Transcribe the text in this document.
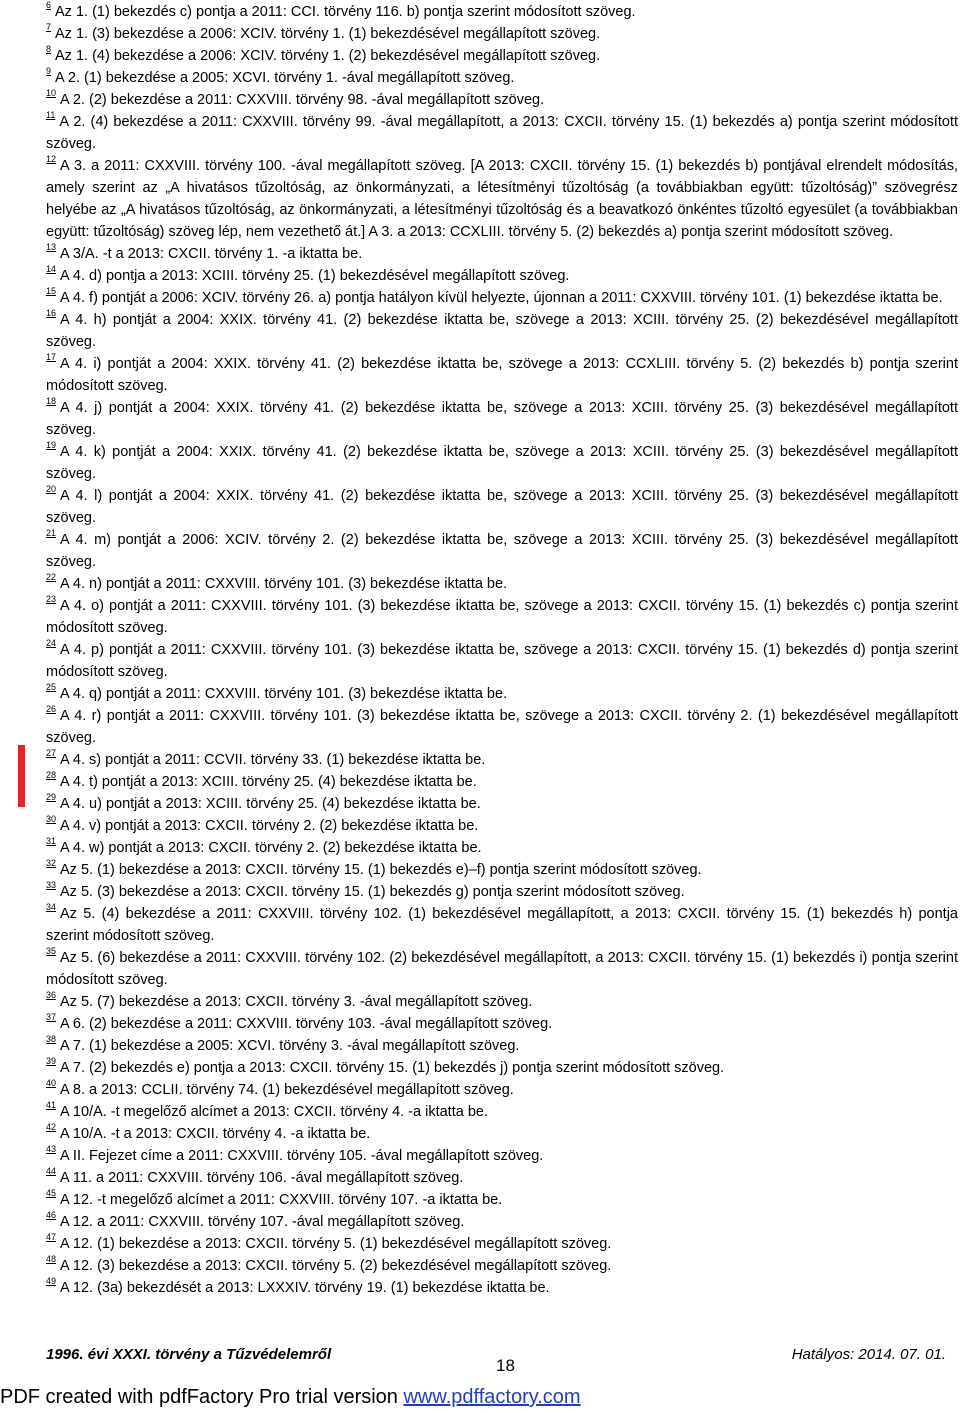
$^6$ Az 1. (1) bekezdés c) pontja a 2011: CCI. törvény 116. b) pontja szerint módosított szöveg.
$^7$ Az 1. (3) bekezdése a 2006: XCIV. törvény 1. (1) bekezdésével megállapított szöveg.
$^8$ Az 1. (4) bekezdése a 2006: XCIV. törvény 1. (2) bekezdésével megállapított szöveg.
$^9$ A 2. (1) bekezdése a 2005: XCVI. törvény 1. -ával megállapított szöveg.
$^{10}$ A 2. (2) bekezdése a 2011: CXXVIII. törvény 98. -ával megállapított szöveg.
$^{11}$ A 2. (4) bekezdése a 2011: CXXVIII. törvény 99. -ával megállapított, a 2013: CXCII. törvény 15. (1) bekezdés a) pontja szerint módosított szöveg.
$^{12}$ A 3. a 2011: CXXVIII. törvény 100. -ával megállapított szöveg. [A 2013: CXCII. törvény 15. (1) bekezdés b) pontjával elrendelt módosítás, amely szerint az „A hivatásos tűzoltóság, az önkormányzati, a létesítményi tűzoltóság (a továbbiakban együtt: tűzoltóság)” szövegrész helyébe az „A hivatásos tűzoltóság, az önkormányzati, a létesítményi tűzoltóság és a beavatkozó önkéntes tűzoltó egyesület (a továbbiakban együtt: tűzoltóság) szöveg lép, nem vezethető át.] A 3. a 2013: CCXLIII. törvény 5. (2) bekezdés a) pontja szerint módosított szöveg.
$^{13}$ A 3/A. -t a 2013: CXCII. törvény 1. -a iktatta be.
$^{14}$ A 4. d) pontja a 2013: XCIII. törvény 25. (1) bekezdésével megállapított szöveg.
$^{15}$ A 4. f) pontját a 2006: XCIV. törvény 26. a) pontja hatályon kívül helyezte, újonnan a 2011: CXXVIII. törvény 101. (1) bekezdése iktatta be.
$^{16}$ A 4. h) pontját a 2004: XXIX. törvény 41. (2) bekezdése iktatta be, szövege a 2013: XCIII. törvény 25. (2) bekezdésével megállapított szöveg.
$^{17}$ A 4. i) pontját a 2004: XXIX. törvény 41. (2) bekezdése iktatta be, szövege a 2013: CCXLIII. törvény 5. (2) bekezdés b) pontja szerint módosított szöveg.
$^{18}$ A 4. j) pontját a 2004: XXIX. törvény 41. (2) bekezdése iktatta be, szövege a 2013: XCIII. törvény 25. (3) bekezdésével megállapított szöveg.
$^{19}$ A 4. k) pontját a 2004: XXIX. törvény 41. (2) bekezdése iktatta be, szövege a 2013: XCIII. törvény 25. (3) bekezdésével megállapított szöveg.
$^{20}$ A 4. l) pontját a 2004: XXIX. törvény 41. (2) bekezdése iktatta be, szövege a 2013: XCIII. törvény 25. (3) bekezdésével megállapított szöveg.
$^{21}$ A 4. m) pontját a 2006: XCIV. törvény 2. (2) bekezdése iktatta be, szövege a 2013: XCIII. törvény 25. (3) bekezdésével megállapított szöveg.
$^{22}$ A 4. n) pontját a 2011: CXXVIII. törvény 101. (3) bekezdése iktatta be.
$^{23}$ A 4. o) pontját a 2011: CXXVIII. törvény 101. (3) bekezdése iktatta be, szövege a 2013: CXCII. törvény 15. (1) bekezdés c) pontja szerint módosított szöveg.
$^{24}$ A 4. p) pontját a 2011: CXXVIII. törvény 101. (3) bekezdése iktatta be, szövege a 2013: CXCII. törvény 15. (1) bekezdés d) pontja szerint módosított szöveg.
$^{25}$ A 4. q) pontját a 2011: CXXVIII. törvény 101. (3) bekezdése iktatta be.
$^{26}$ A 4. r) pontját a 2011: CXXVIII. törvény 101. (3) bekezdése iktatta be, szövege a 2013: CXCII. törvény 2. (1) bekezdésével megállapított szöveg.
$^{27}$ A 4. s) pontját a 2011: CCVII. törvény 33. (1) bekezdése iktatta be.
$^{28}$ A 4. t) pontját a 2013: XCIII. törvény 25. (4) bekezdése iktatta be.
$^{29}$ A 4. u) pontját a 2013: XCIII. törvény 25. (4) bekezdése iktatta be.
$^{30}$ A 4. v) pontját a 2013: CXCII. törvény 2. (2) bekezdése iktatta be.
$^{31}$ A 4. w) pontját a 2013: CXCII. törvény 2. (2) bekezdése iktatta be.
$^{32}$ Az 5. (1) bekezdése a 2013: CXCII. törvény 15. (1) bekezdés e)–f) pontja szerint módosított szöveg.
$^{33}$ Az 5. (3) bekezdése a 2013: CXCII. törvény 15. (1) bekezdés g) pontja szerint módosított szöveg.
$^{34}$ Az 5. (4) bekezdése a 2011: CXXVIII. törvény 102. (1) bekezdésével megállapított, a 2013: CXCII. törvény 15. (1) bekezdés h) pontja szerint módosított szöveg.
$^{35}$ Az 5. (6) bekezdése a 2011: CXXVIII. törvény 102. (2) bekezdésével megállapított, a 2013: CXCII. törvény 15. (1) bekezdés i) pontja szerint módosított szöveg.
$^{36}$ Az 5. (7) bekezdése a 2013: CXCII. törvény 3. -ával megállapított szöveg.
$^{37}$ A 6. (2) bekezdése a 2011: CXXVIII. törvény 103. -ával megállapított szöveg.
$^{38}$ A 7. (1) bekezdése a 2005: XCVI. törvény 3. -ával megállapított szöveg.
$^{39}$ A 7. (2) bekezdés e) pontja a 2013: CXCII. törvény 15. (1) bekezdés j) pontja szerint módosított szöveg.
$^{40}$ A 8. a 2013: CCLII. törvény 74. (1) bekezdésével megállapított szöveg.
$^{41}$ A 10/A. -t megelőző alcímet a 2013: CXCII. törvény 4. -a iktatta be.
$^{42}$ A 10/A. -t a 2013: CXCII. törvény 4. -a iktatta be.
$^{43}$ A II. Fejezet címe a 2011: CXXVIII. törvény 105. -ával megállapított szöveg.
$^{44}$ A 11. a 2011: CXXVIII. törvény 106. -ával megállapított szöveg.
$^{45}$ A 12. -t megelőző alcímet a 2011: CXXVIII. törvény 107. -a iktatta be.
$^{46}$ A 12. a 2011: CXXVIII. törvény 107. -ával megállapított szöveg.
$^{47}$ A 12. (1) bekezdése a 2013: CXCII. törvény 5. (1) bekezdésével megállapított szöveg.
$^{48}$ A 12. (3) bekezdése a 2013: CXCII. törvény 5. (2) bekezdésével megállapított szöveg.
$^{49}$ A 12. (3a) bekezdését a 2013: LXXXIV. törvény 19. (1) bekezdése iktatta be.
1996. évi XXXI. törvény a Tűzvédelemről
18
Hatályos: 2014. 07. 01.
PDF created with pdfFactory Pro trial version www.pdffactory.com
